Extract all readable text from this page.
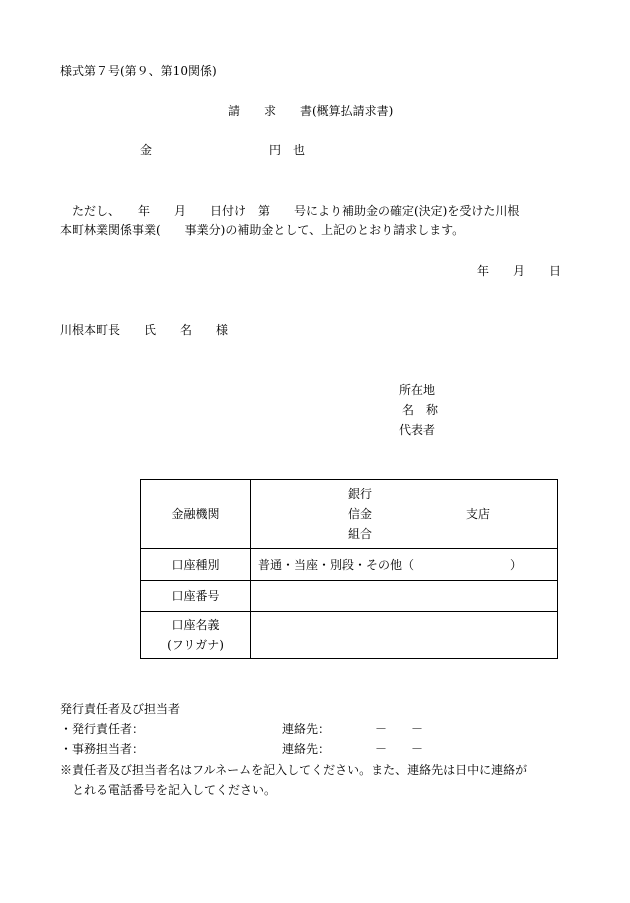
様式第７号(第９、第10関係)
請　　求　　書(概算払請求書)
金	円　也
ただし、　　年　　月　　日付け　第　　号により補助金の確定(決定)を受けた川根
本町林業関係事業(　　事業分)の補助金として、上記のとおり請求します。
年　　月　　日
川根本町長　　氏　　名　　様
所在地
名　称
代表者
金融機関	銀行
信金
組合
支店

口座種別	普通・当座・別段・その他（　　　　　　　　）
口座番号	

口座名義
(フリガナ)	

発行責任者及び担当者
・発行責任者：	連絡先：	－　　－
・事務担当者：	連絡先：	－　　－
※責任者及び担当者名はフルネームを記入してください。また、連絡先は日中に連絡が
とれる電話番号を記入してください。
